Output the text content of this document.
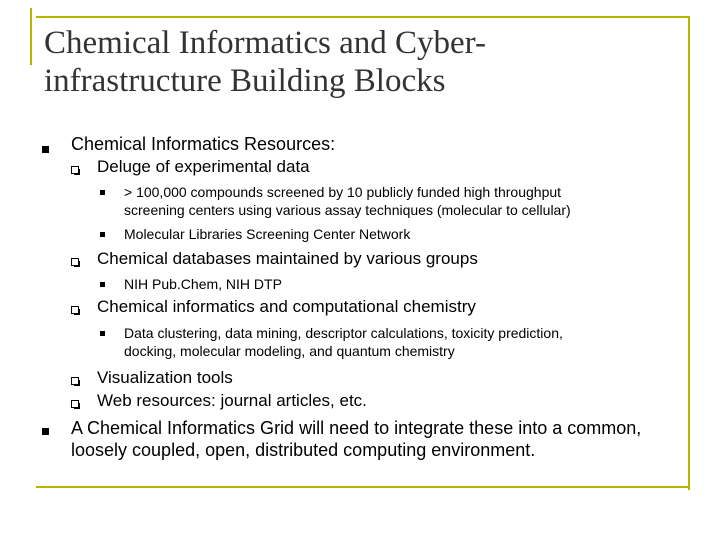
Chemical Informatics and Cyber-
infrastructure Building Blocks
Chemical Informatics Resources:
Deluge of experimental data
> 100,000 compounds screened by 10 publicly funded high throughput
screening centers using various assay techniques (molecular to cellular)
Molecular Libraries Screening Center Network
Chemical databases maintained by various groups
NIH Pub.Chem, NIH DTP
Chemical informatics and computational chemistry
Data clustering, data mining, descriptor calculations, toxicity prediction,
docking, molecular modeling, and quantum chemistry
Visualization tools
Web resources: journal articles, etc.
A Chemical Informatics Grid will need to integrate these into a common,
loosely coupled, open, distributed computing environment.
